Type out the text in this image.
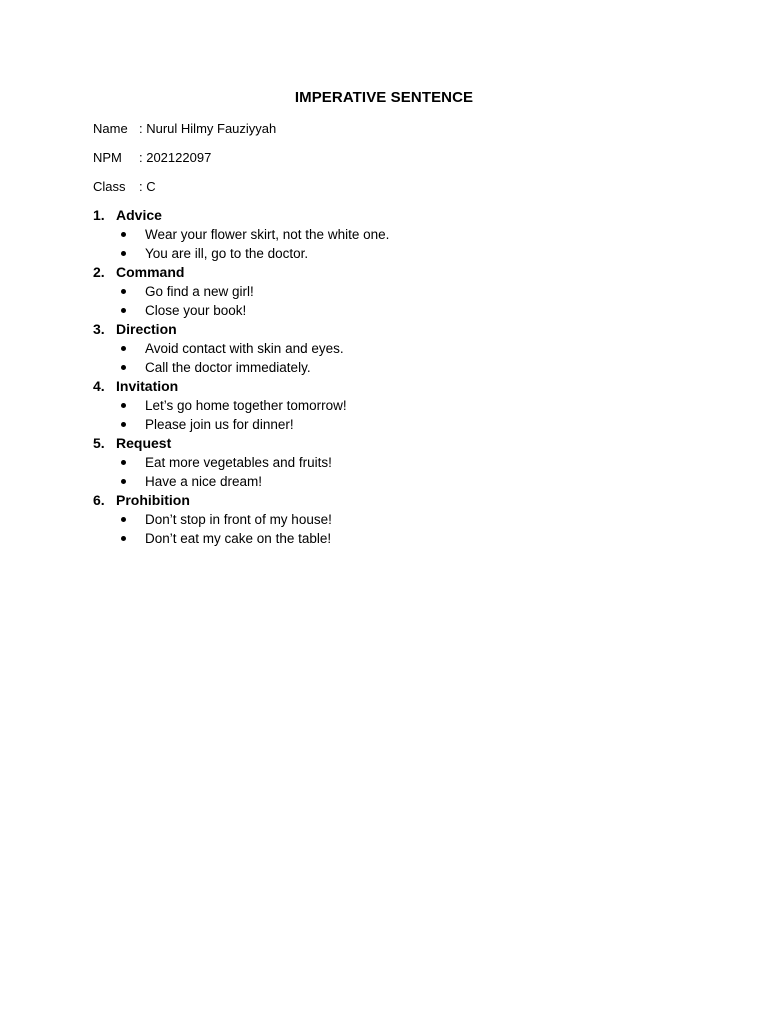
IMPERATIVE SENTENCE
Name : Nurul Hilmy Fauziyyah
NPM : 202122097
Class : C
1. Advice
Wear your flower skirt, not the white one.
You are ill, go to the doctor.
2. Command
Go find a new girl!
Close your book!
3. Direction
Avoid contact with skin and eyes.
Call the doctor immediately.
4. Invitation
Let’s go home together tomorrow!
Please join us for dinner!
5. Request
Eat more vegetables and fruits!
Have a nice dream!
6. Prohibition
Don’t stop in front of my house!
Don’t eat my cake on the table!
